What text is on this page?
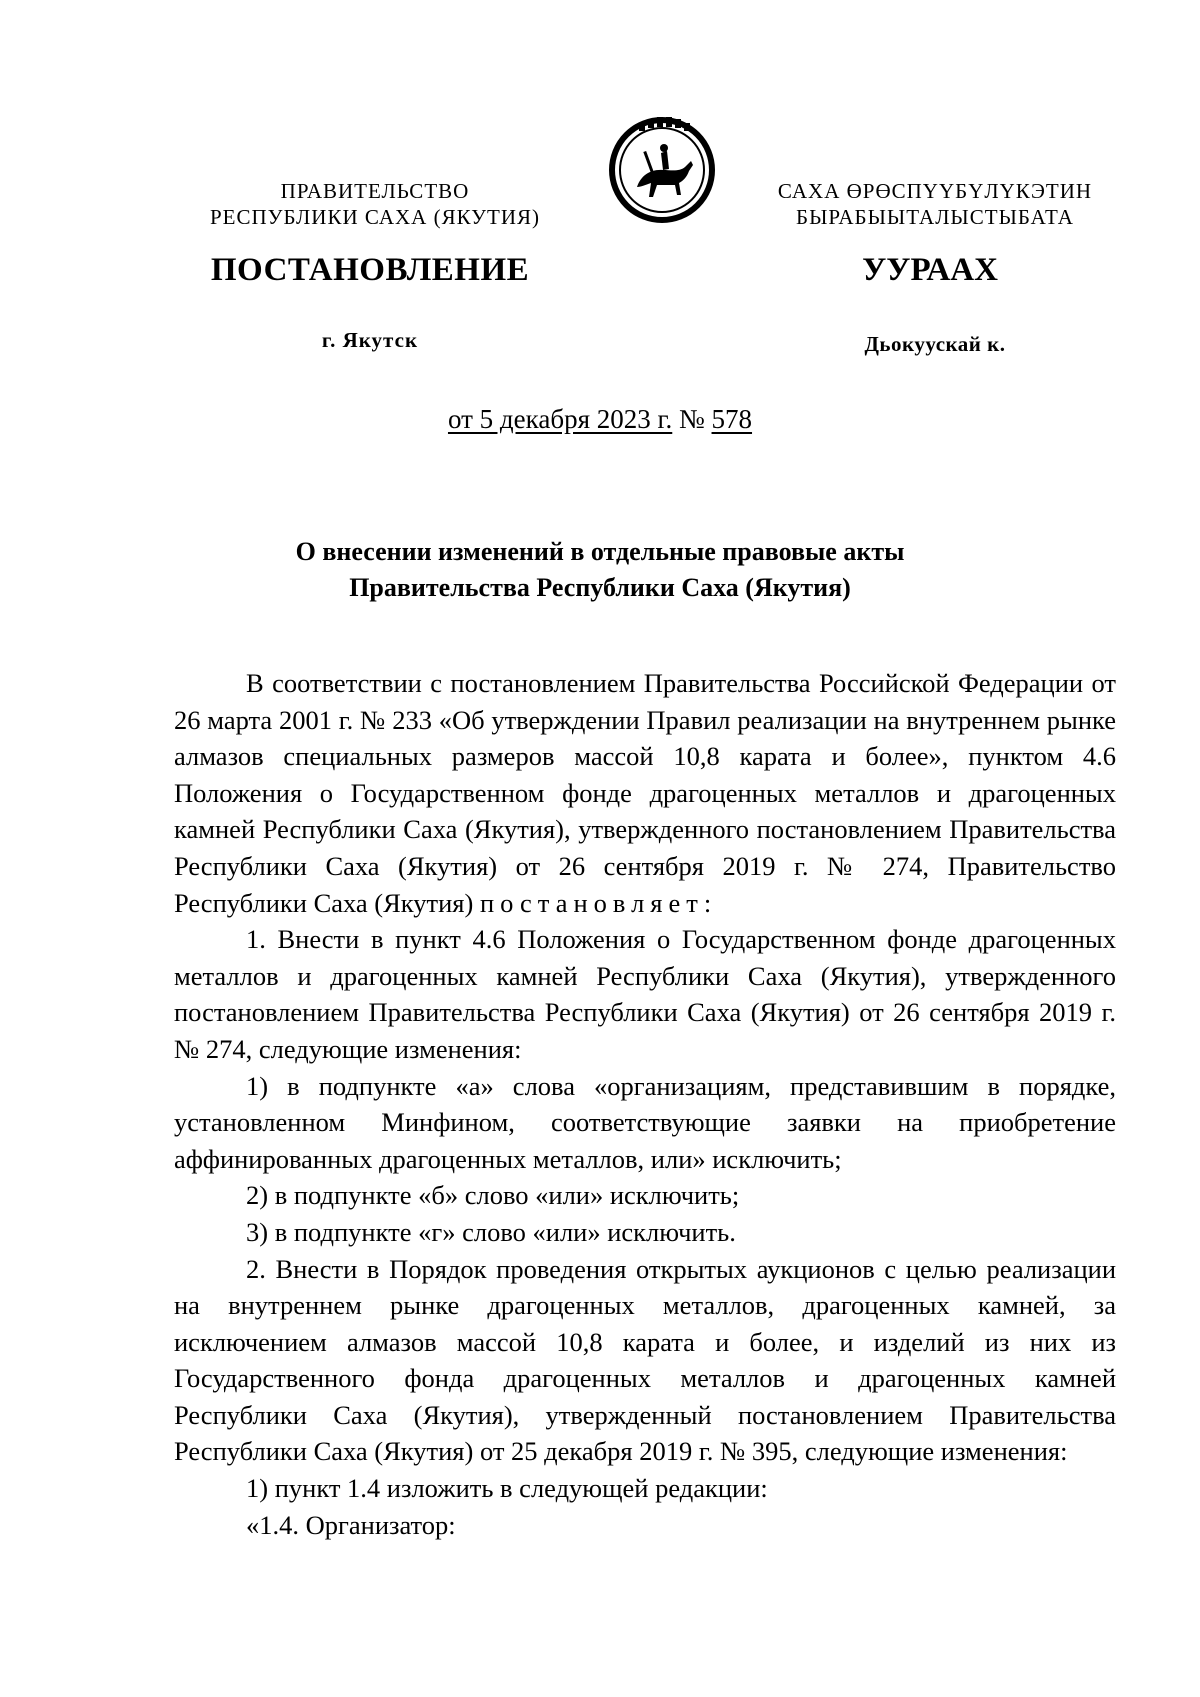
ПРАВИТЕЛЬСТВО
РЕСПУБЛИКИ САХА (ЯКУТИЯ)
САХА ӨРӨСПҮҮБҮЛҮКЭТИН
БЫРАБЫЫТАЛЫСТЫБАТА
ПОСТАНОВЛЕНИЕ	УУРААХ
г. Якутск	Дьокуускай к.
от 5 декабря 2023 г. № 578
О внесении изменений в отдельные правовые акты
Правительства Республики Саха (Якутия)

В соответствии с постановлением Правительства Российской Федерации от 26 марта 2001 г. № 233 «Об утверждении Правил реализации на внутреннем рынке алмазов специальных размеров массой 10,8 карата и более», пунктом 4.6 Положения о Государственном фонде драгоценных металлов и драгоценных камней Республики Саха (Якутия), утвержденного постановлением Правительства Республики Саха (Якутия) от 26 сентября 2019 г. № 274, Правительство Республики Саха (Якутия) постановляет:

1. Внести в пункт 4.6 Положения о Государственном фонде драгоценных металлов и драгоценных камней Республики Саха (Якутия), утвержденного постановлением Правительства Республики Саха (Якутия) от 26 сентября 2019 г. № 274, следующие изменения:

1) в подпункте «а» слова «организациям, представившим в порядке, установленном Минфином, соответствующие заявки на приобретение аффинированных драгоценных металлов, или» исключить;

2) в подпункте «б» слово «или» исключить;

3) в подпункте «г» слово «или» исключить.

2. Внести в Порядок проведения открытых аукционов с целью реализации на внутреннем рынке драгоценных металлов, драгоценных камней, за исключением алмазов массой 10,8 карата и более, и изделий из них из Государственного фонда драгоценных металлов и драгоценных камней Республики Саха (Якутия), утвержденный постановлением Правительства Республики Саха (Якутия) от 25 декабря 2019 г. № 395, следующие изменения:

1) пункт 1.4 изложить в следующей редакции:

«1.4. Организатор:
